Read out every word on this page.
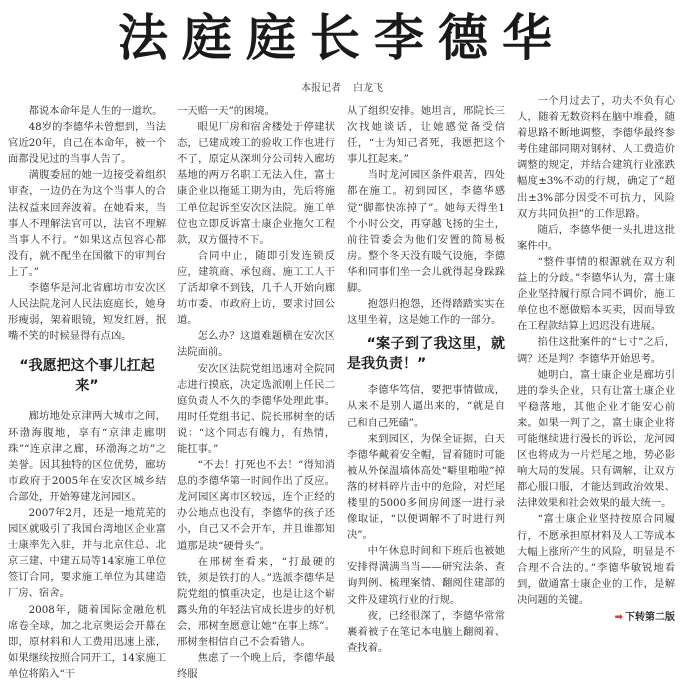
法庭庭长李德华
本报记者 白龙飞

都说本命年是人生的一道坎。

48岁的李德华未曾想到，当法官近20年，自己在本命年，被一个面都没见过的当事人告了。

满腹委屈的她一边接受着组织审查，一边仍在为这个当事人的合法权益来回奔波着。在她看来，当事人不理解法官可以，法官不理解当事人不行。“如果这点包容心都没有，就不配坐在国徽下的审判台上了。”

李德华是河北省廊坊市安次区人民法院龙河人民法庭庭长，她身形瘦弱，架着眼镜，短发红唇，抿嘴不笑的时候显得有点凶。

“我愿把这个事儿扛起来”

廊坊地处京津两大城市之间，环渤海腹地，享有“京津走廊明珠”“连京津之廊，环渤海之坊”之美誉。因其独特的区位优势，廊坊市政府于2005年在安次区城乡结合部处，开始筹建龙河园区。

2007年2月，还是一地荒芜的园区就吸引了我国台湾地区企业富士康率先入驻，并与北京住总、北京三建、中建五局等14家施工单位签订合同，要求施工单位为其建造厂房、宿舍。

2008年，随着国际金融危机席卷全球，加之北京奥运会开幕在即，原材料和人工费用迅速上涨，如果继续按照合同开工，14家施工单位将陷入“干

一天赔一天”的困境。

眼见厂房和宿舍楼处于停建状态，已建成竣工的验收工作也进行不了，原定从深圳分公司转入廊坊基地的两万名职工无法入住，富士康企业以拖延工期为由，先后将施工单位起诉至安次区法院。施工单位也立即反诉富士康企业拖欠工程款，双方僵持不下。

合同中止，随即引发连锁反应，建筑商、承包商、施工工人干了活却拿不到钱，几千人开始向廊坊市委、市政府上访，要求讨回公道。

怎么办？这道难题横在安次区法院面前。

安次区法院党组迅速对全院同志进行摸底，决定选派刚上任民二庭负责人不久的李德华处理此事。用时任党组书记、院长邢树奎的话说：“这个同志有魄力，有热情，能扛事。”

“不去！打死也不去！”得知消息的李德华第一时间作出了反应。龙河园区离市区较远，连个正经的办公地点也没有，李德华的孩子还小，自己又不会开车，并且谁都知道那是块“硬骨头”。

在邢树奎看来，“打最硬的铁，须是铁打的人。”选派李德华是院党组的慎重决定，也是让这个崭露头角的年轻法官成长进步的好机会，邢树奎愿意让她“在事上练”。邢树奎相信自己不会看错人。

焦虑了一个晚上后，李德华最终服

从了组织安排。她坦言，邢院长三次找她谈话，让她感觉备受信任，“士为知己者死，我愿把这个事儿扛起来。”

当时龙河园区条件艰苦，四处都在施工。初到园区，李德华感觉“脚都快冻掉了”。她每天得坐1个小时公交，再穿越飞扬的尘土，前往管委会为他们安置的简易板房。整个冬天没有暖气设施，李德华和同事们坐一会儿就得起身跺跺脚。

抱怨归抱怨，还得踏踏实实在这里坐着，这是她工作的一部分。

“案子到了我这里，就是我负责！”

李德华笃信，要把事情做成，从来不是别人逼出来的，“就是自己和自己死磕”。

来到园区，为保全证据，白天李德华戴着安全帽，冒着随时可能被从外保温墙体高处“噼里啪啦”掉落的材料碎片击中的危险，对烂尾楼里的5000多间房间逐一进行录像取证，“以便调解不了时进行判决”。

中午休息时间和下班后也被她安排得满满当当——研究法条、查询判例、梳理案情、翻阅住建部的文件及建筑行业的行规。

夜，已经很深了，李德华常常裹着被子在笔记本电脑上翻阅着、查找着。

一个月过去了，功夫不负有心人，随着无数资料在脑中堆叠，随着思路不断地调整，李德华最终参考住建部同期对钢材、人工费造价调整的规定，并结合建筑行业涨跌幅度±3%不动的行规，确定了“超出±3%部分因受不可抗力，风险双方共同负担”的工作思路。

随后，李德华便一头扎进这批案件中。

“整件事情的根源就在双方利益上的分歧。”李德华认为，富士康企业坚持履行原合同不调价，施工单位也不愿做赔本买卖，因而导致在工程款结算上迟迟没有进展。

掐住这批案件的“七寸”之后，调？还是判？李德华开始思考。

她明白，富士康企业是廊坊引进的拳头企业，只有让富士康企业平稳落地，其他企业才能安心前来。如果一判了之，富士康企业将可能继续进行漫长的诉讼，龙河园区也将成为一片烂尾之地，势必影响大局的发展。只有调解，让双方都心服口服，才能达到政治效果、法律效果和社会效果的最大统一。

“富士康企业坚持按原合同履行，不愿承担原材料及人工等成本大幅上涨所产生的风险，明显是不合理不合法的。”李德华敏锐地看到，做通富士康企业的工作，是解决问题的关键。

➡ 下转第二版
